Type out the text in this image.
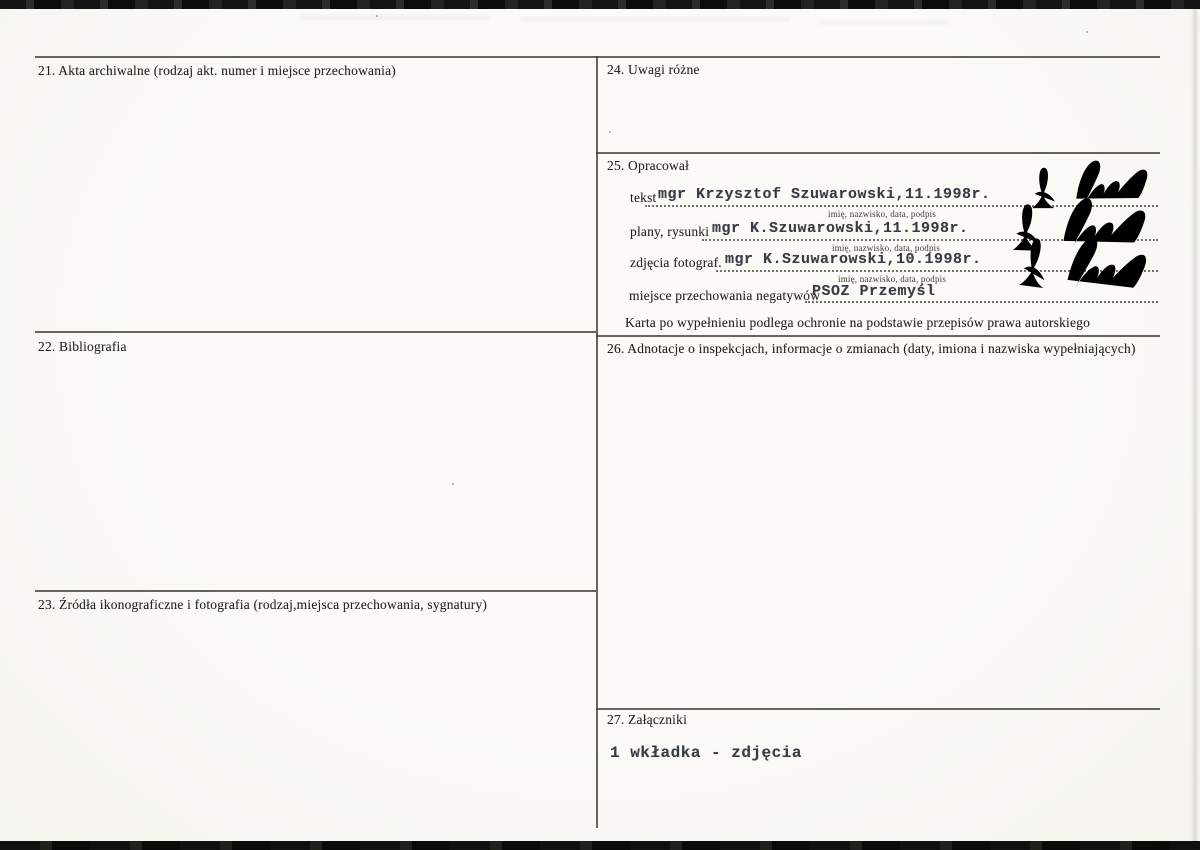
21. Akta archiwalne (rodzaj akt. numer i miejsce przechowania)
22. Bibliografia
23. Źródła ikonograficzne i fotografia (rodzaj,miejsca przechowania, sygnatury)
24. Uwagi różne
25. Opracował
26. Adnotacje o inspekcjach, informacje o zmianach (daty, imiona i nazwiska wypełniających)
27. Załączniki
tekst mgr Krzysztof Szuwarowski,11.1998r.
imię, nazwisko, data, podpis
plany, rysunki mgr K.Szuwarowski,11.1998r.
imię, nazwisko, data, podpis
zdjęcia fotograf. mgr K.Szuwarowski,10.1998r.
imię, nazwisko, data, podpis
miejsce przechowania negatywów
PSOZ Przemyśl
Karta po wypełnieniu podlega ochronie na podstawie przepisów prawa autorskiego
1 wkładka - zdjęcia
